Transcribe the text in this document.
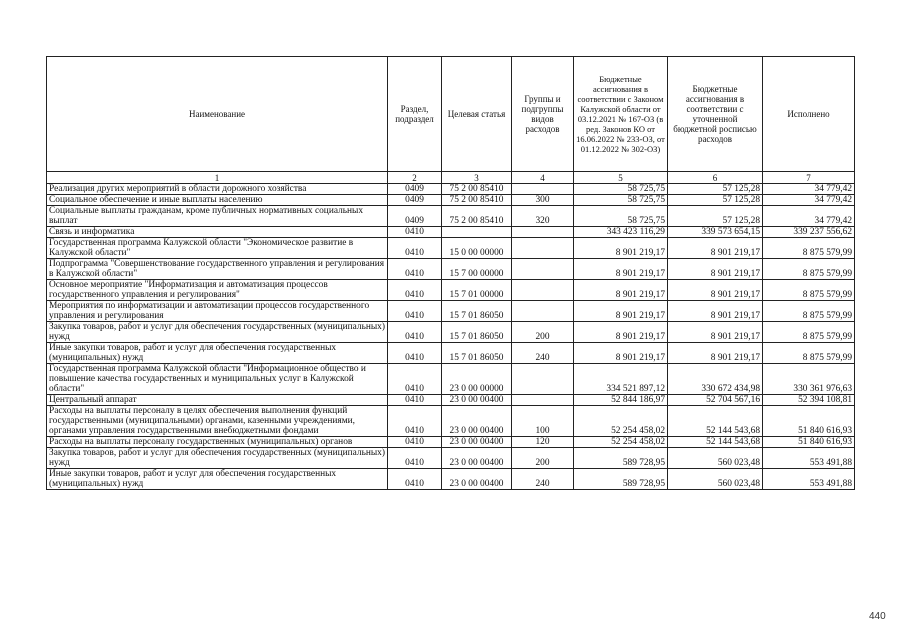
Наименование	Раздел, подраздел	Целевая статья	Группы и подгруппы видов расходов	Бюджетные ассигнования в соответствии с Законом Калужской области от 03.12.2021 № 167-ОЗ (в ред. Законов КО от 16.06.2022 № 233-ОЗ, от 01.12.2022 № 302-ОЗ)	Бюджетные ассигнования в соответствии с уточненной бюджетной росписью расходов	Исполнено
1	2	3	4	5	6	7
Реализация других мероприятий в области дорожного хозяйства	0409	75 2 00 85410		58 725,75	57 125,28	34 779,42
Социальное обеспечение и иные выплаты населению	0409	75 2 00 85410	300	58 725,75	57 125,28	34 779,42
Социальные выплаты гражданам, кроме публичных нормативных социальных выплат	0409	75 2 00 85410	320	58 725,75	57 125,28	34 779,42
Связь и информатика	0410			343 423 116,29	339 573 654,15	339 237 556,62
Государственная программа Калужской области "Экономическое развитие в Калужской области"	0410	15 0 00 00000		8 901 219,17	8 901 219,17	8 875 579,99
Подпрограмма "Совершенствование государственного управления и регулирования в Калужской области"	0410	15 7 00 00000		8 901 219,17	8 901 219,17	8 875 579,99
Основное мероприятие "Информатизация и автоматизация процессов государственного управления и регулирования"	0410	15 7 01 00000		8 901 219,17	8 901 219,17	8 875 579,99
Мероприятия по информатизации и автоматизации процессов государственного управления и регулирования	0410	15 7 01 86050		8 901 219,17	8 901 219,17	8 875 579,99
Закупка товаров, работ и услуг для обеспечения государственных (муниципальных) нужд	0410	15 7 01 86050	200	8 901 219,17	8 901 219,17	8 875 579,99
Иные закупки товаров, работ и услуг для обеспечения государственных (муниципальных) нужд	0410	15 7 01 86050	240	8 901 219,17	8 901 219,17	8 875 579,99
Государственная программа Калужской области "Информационное общество и повышение качества государственных и муниципальных услуг в Калужской области"	0410	23 0 00 00000		334 521 897,12	330 672 434,98	330 361 976,63
Центральный аппарат	0410	23 0 00 00400		52 844 186,97	52 704 567,16	52 394 108,81
Расходы на выплаты персоналу в целях обеспечения выполнения функций государственными (муниципальными) органами, казенными учреждениями, органами управления государственными внебюджетными фондами	0410	23 0 00 00400	100	52 254 458,02	52 144 543,68	51 840 616,93
Расходы на выплаты персоналу государственных (муниципальных) органов	0410	23 0 00 00400	120	52 254 458,02	52 144 543,68	51 840 616,93
Закупка товаров, работ и услуг для обеспечения государственных (муниципальных) нужд	0410	23 0 00 00400	200	589 728,95	560 023,48	553 491,88
Иные закупки товаров, работ и услуг для обеспечения государственных (муниципальных) нужд	0410	23 0 00 00400	240	589 728,95	560 023,48	553 491,88
440
